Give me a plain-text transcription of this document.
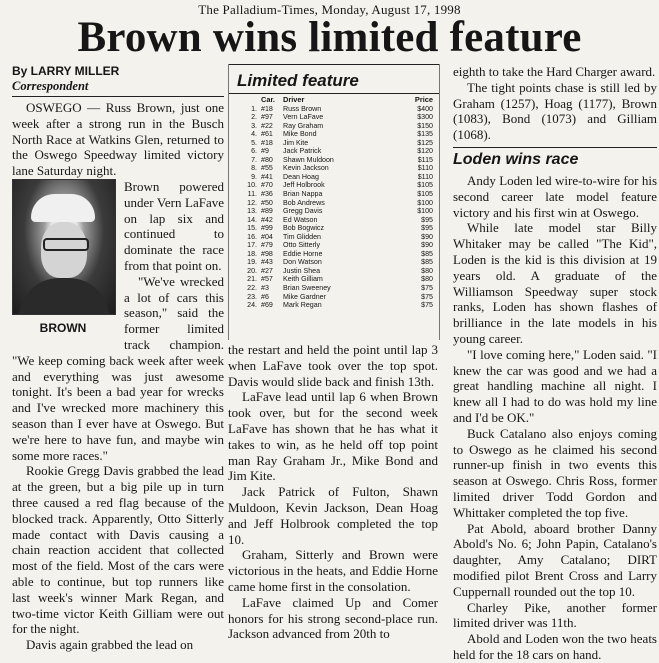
The Palladium-Times, Monday, August 17, 1998
Brown wins limited feature
By LARRY MILLER
Correspondent

OSWEGO — Russ Brown, just one week after a strong run in the Busch North Race at Watkins Glen, returned to the Oswego Speedway limited victory lane Saturday night.

BROWN

Brown powered under Vern LaFave on lap six and continued to dominate the race from that point on.

"We've wrecked a lot of cars this season," said the former limited track champion. "We keep coming back week after week and everything was just awesome tonight. It's been a bad year for wrecks and I've wrecked more machinery this season than I ever have at Oswego. But we're here to have fun, and maybe win some more races."

Rookie Gregg Davis grabbed the lead at the green, but a big pile up in turn three caused a red flag because of the blocked track. Apparently, Otto Sitterly made contact with Davis causing a chain reaction accident that collected most of the field. Most of the cars were able to continue, but top runners like last week's winner Mark Regan, and two-time victor Keith Gilliam were out for the night.

Davis again grabbed the lead on

Limited feature
Car.	Driver	Price
1. #18	Russ Brown	$400
2. #97	Vern LaFave	$300
3. #22	Ray Graham	$150
4. #61	Mike Bond	$135
5. #18	Jim Kite	$125
6. #9	Jack Patrick	$120
7. #80	Shawn Muldoon	$115
8. #55	Kevin Jackson	$110
9. #41	Dean Hoag	$110
10. #70	Jeff Holbrook	$105
11. #36	Brian Nappa	$105
12. #50	Bob Andrews	$100
13. #89	Gregg Davis	$100
14. #42	Ed Watson	$95
15. #99	Bob Bogwicz	$95
16. #04	Tim Glidden	$90
17. #79	Otto Sitterly	$90
18. #98	Eddie Horne	$85
19. #43	Don Watson	$85
20. #27	Justin Shea	$80
21. #57	Keith Gilliam	$80
22. #3	Brian Sweeney	$75
23. #6	Mike Gardner	$75
24. #69	Mark Regan	$75

the restart and held the point until lap 3 when LaFave took over the top spot. Davis would slide back and finish 13th.

LaFave lead until lap 6 when Brown took over, but for the second week LaFave has shown that he has what it takes to win, as he held off top point man Ray Graham Jr., Mike Bond and Jim Kite.

Jack Patrick of Fulton, Shawn Muldoon, Kevin Jackson, Dean Hoag and Jeff Holbrook completed the top 10.

Graham, Sitterly and Brown were victorious in the heats, and Eddie Horne came home first in the consolation.

LaFave claimed Up and Comer honors for his strong second-place run. Jackson advanced from 20th to

eighth to take the Hard Charger award.

The tight points chase is still led by Graham (1257), Hoag (1177), Brown (1083), Bond (1073) and Gilliam (1068).

Loden wins race

Andy Loden led wire-to-wire for his second career late model feature victory and his first win at Oswego.

While late model star Billy Whitaker may be called "The Kid", Loden is the kid is this division at 19 years old. A graduate of the Williamson Speedway super stock ranks, Loden has shown flashes of brilliance in the late models in his young career.

"I love coming here," Loden said. "I knew the car was good and we had a great handling machine all night. I knew all I had to do was hold my line and I'd be OK."

Buck Catalano also enjoys coming to Oswego as he claimed his second runner-up finish in two events this season at Oswego. Chris Ross, former limited driver Todd Gordon and Whittaker completed the top five.

Pat Abold, aboard brother Danny Abold's No. 6; John Papin, Catalano's daughter, Amy Catalano; DIRT modified pilot Brent Cross and Larry Cuppernall rounded out the top 10.

Charley Pike, another former limited driver was 11th.

Abold and Loden won the two heats held for the 18 cars on hand.
